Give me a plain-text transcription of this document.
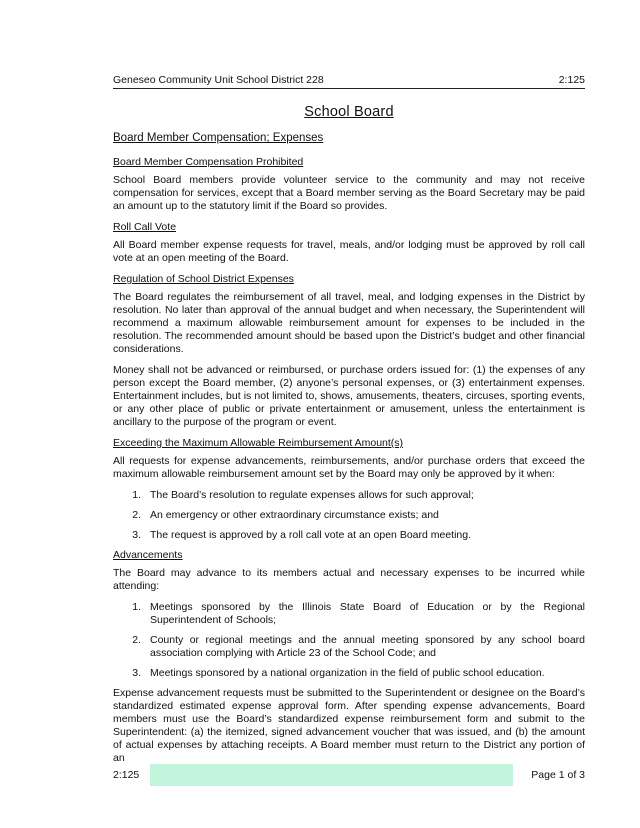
Geneseo Community Unit School District 228	2:125
School Board
Board Member Compensation; Expenses
Board Member Compensation Prohibited

School Board members provide volunteer service to the community and may not receive compensation for services, except that a Board member serving as the Board Secretary may be paid an amount up to the statutory limit if the Board so provides.

Roll Call Vote

All Board member expense requests for travel, meals, and/or lodging must be approved by roll call vote at an open meeting of the Board.

Regulation of School District Expenses

The Board regulates the reimbursement of all travel, meal, and lodging expenses in the District by resolution. No later than approval of the annual budget and when necessary, the Superintendent will recommend a maximum allowable reimbursement amount for expenses to be included in the resolution. The recommended amount should be based upon the District’s budget and other financial considerations.

Money shall not be advanced or reimbursed, or purchase orders issued for: (1) the expenses of any person except the Board member, (2) anyone’s personal expenses, or (3) entertainment expenses. Entertainment includes, but is not limited to, shows, amusements, theaters, circuses, sporting events, or any other place of public or private entertainment or amusement, unless the entertainment is ancillary to the purpose of the program or event.

Exceeding the Maximum Allowable Reimbursement Amount(s)

All requests for expense advancements, reimbursements, and/or purchase orders that exceed the maximum allowable reimbursement amount set by the Board may only be approved by it when:

1. The Board’s resolution to regulate expenses allows for such approval;
2. An emergency or other extraordinary circumstance exists; and
3. The request is approved by a roll call vote at an open Board meeting.
Advancements

The Board may advance to its members actual and necessary expenses to be incurred while attending:

1. Meetings sponsored by the Illinois State Board of Education or by the Regional Superintendent of Schools;
2. County or regional meetings and the annual meeting sponsored by any school board association complying with Article 23 of the School Code; and
3. Meetings sponsored by a national organization in the field of public school education.

Expense advancement requests must be submitted to the Superintendent or designee on the Board’s standardized estimated expense approval form. After spending expense advancements, Board members must use the Board’s standardized expense reimbursement form and submit to the Superintendent: (a) the itemized, signed advancement voucher that was issued, and (b) the amount of actual expenses by attaching receipts. A Board member must return to the District any portion of an

2:125	Page 1 of 3
